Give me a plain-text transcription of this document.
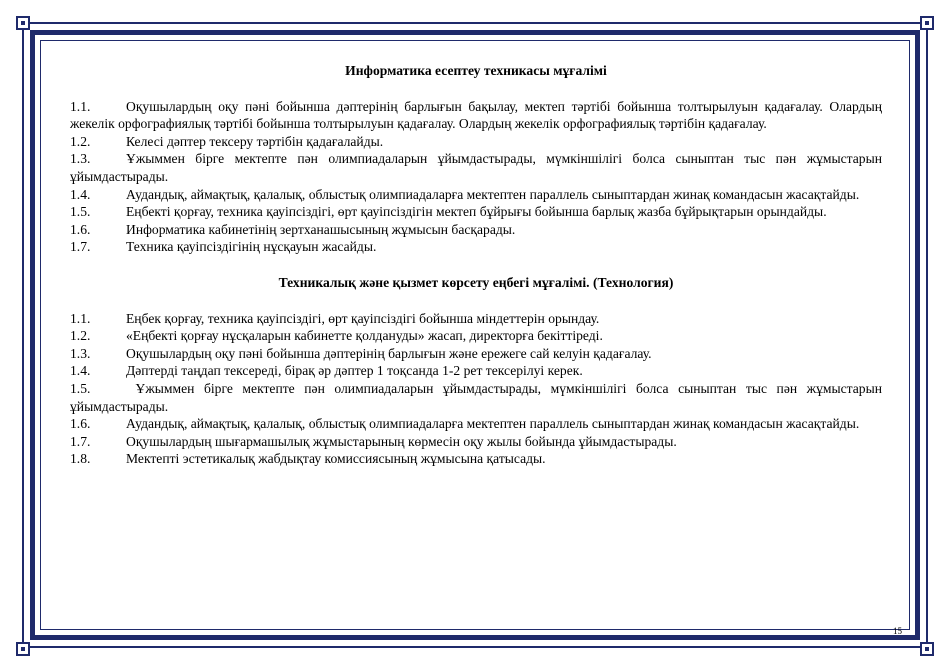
Информатика есептеу техникасы мұғалімі
1.1.	Оқушылардың оқу пәні бойынша дәптерінің барлығын бақылау, мектеп тәртібі бойынша толтырылуын қадағалау. Олардың жекелік орфографиялық тәртібі бойынша толтырылуын қадағалау. Олардың жекелік орфографиялық тәртібін қадағалау.
1.2.	Келесі дәптер тексеру тәртібін қадағалайды.
1.3.	Ұжыммен бірге мектепте пән олимпиадаларын ұйымдастырады, мүмкіншілігі болса сыныптан тыс пән жұмыстарын ұйымдастырады.
1.4.	Аудандық, аймақтық, қалалық, облыстық олимпиадаларға мектептен параллель сыныптардан жинақ командасын жасақтайды.
1.5.	Еңбекті қорғау, техника қауіпсіздігі, өрт қауіпсіздігін мектеп бұйрығы бойынша барлық жазба бұйрықтарын орындайды.
1.6.	Информатика кабинетінің зертханашысының жұмысын басқарады.
1.7.	Техника қауіпсіздігінің нұсқауын жасайды.
Техникалық және қызмет көрсету еңбегі мұғалімі. (Технология)
1.1.	Еңбек қорғау, техника қауіпсіздігі, өрт қауіпсіздігі бойынша міндеттерін орындау.
1.2.	«Еңбекті қорғау нұсқаларын кабинетте қолдануды» жасап, директорға бекіттіреді.
1.3.	Оқушылардың оқу пәні бойынша дәптерінің барлығын және ережеге сай келуін қадағалау.
1.4.	Дәптерді таңдап тексереді, бірақ әр дәптер 1 тоқсанда 1-2 рет тексерілуі керек.
1.5.	Ұжыммен бірге мектепте пән олимпиадаларын ұйымдастырады, мүмкіншілігі болса сыныптан тыс пән жұмыстарын ұйымдастырады.
1.6.	Аудандық, аймақтық, қалалық, облыстық олимпиадаларға мектептен параллель сыныптардан жинақ командасын жасақтайды.
1.7.	Оқушылардың шығармашылық жұмыстарының көрмесін оқу жылы бойында ұйымдастырады.
1.8.	Мектепті эстетикалық жабдықтау комиссиясының жұмысына қатысады.
15
